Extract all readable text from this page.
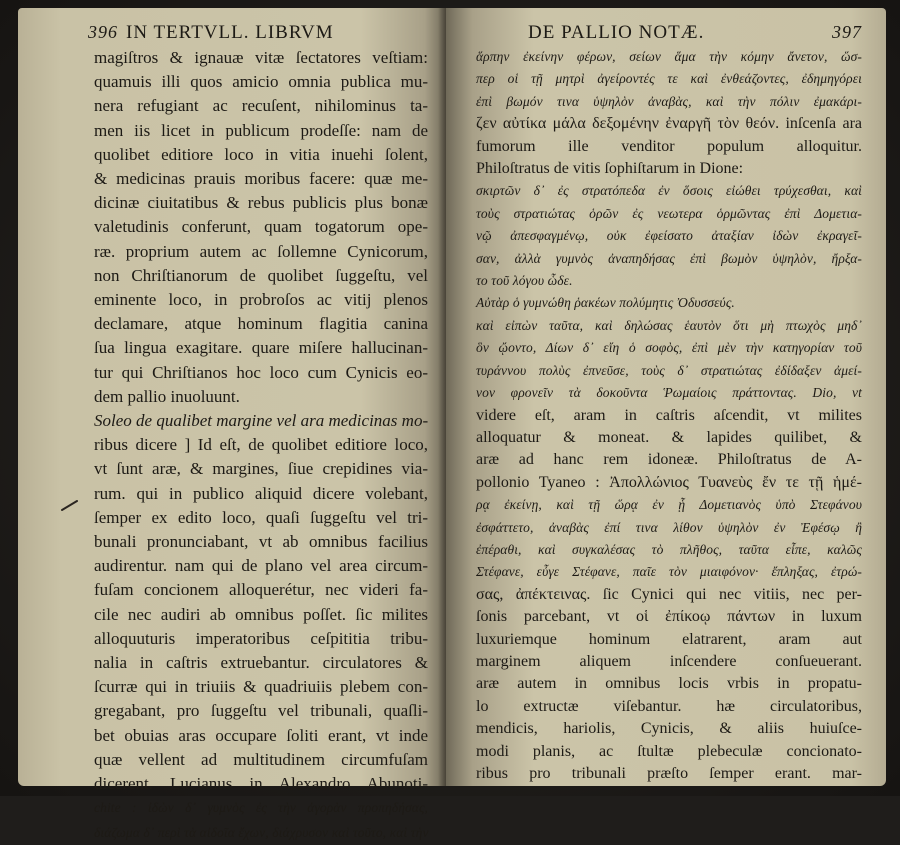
396 IN TERTVLL. LIBRVM
magiſtros & ignauæ vitæ ſectatores veſtiam:
quamuis illi quos amicio omnia publica mu-
nera refugiant ac recuſent, nihilominus ta-
men iis licet in publicum prodeſſe: nam de
quolibet editiore loco in vitia inuehi ſolent,
& medicinas prauis moribus facere: quæ me-
dicinæ ciuitatibus & rebus publicis plus bonæ
valetudinis conferunt, quam togatorum ope-
ræ. proprium autem ac ſollemne Cynicorum,
non Chriſtianorum de quolibet ſuggeſtu, vel
eminente loco, in probroſos ac vitij plenos
declamare, atque hominum flagitia canina
ſua lingua exagitare. quare miſere hallucinan-
tur qui Chriſtianos hoc loco cum Cynicis eo-
dem pallio inuoluunt.
Soleo de qualibet margine vel ara medicinas mo-
ribus dicere ] Id eſt, de quolibet editiore loco,
vt ſunt aræ, & margines, ſiue crepidines via-
rum. qui in publico aliquid dicere volebant,
ſemper ex edito loco, quaſi ſuggeſtu vel tri-
bunali pronunciabant, vt ab omnibus facilius
audirentur. nam qui de plano vel area circum-
fuſam concionem alloquerétur, nec videri fa-
cile nec audiri ab omnibus poſſet. ſic milites
alloquuturis imperatoribus ceſpititia tribu-
nalia in caſtris extruebantur. circulatores &
ſcurræ qui in triuiis & quadriuiis plebem con-
gregabant, pro ſuggeſtu vel tribunali, quaſli-
bet obuias aras occupare ſoliti erant, vt inde
quæ vellent ad multitudinem circumfuſam
dicerent. Lucianus in Alexandro Abunoti-
chite : ἰδὼν δ᾽ γυμνὸς ἐς τὴν ἀγορὰν προπηδήσας,
διάζωμα δ᾽ περὶ τὰ αἰδοῖα ἔχων, διάχρυσον καὶ τοῦτο, καὶ τὴν
DE PALLIO NOTÆ.	397
ἅρπην ἐκείνην φέρων, σείων ἅμα τὴν κόμην ἄνετον, ὥσ-
περ οἱ τῇ μητρὶ ἀγείροντές τε καὶ ἐνθεάζοντες, ἐδημηγόρει
ἐπὶ βωμόν τινα ὑψηλὸν ἀναβὰς, καὶ τὴν πόλιν ἐμακάρι-
ζεν αὐτίκα μάλα δεξομένην ἐναργῆ τὸν θεόν. inſcenſa ara
fumorum ille venditor populum alloquitur.
Philoſtratus de vitis ſophiſtarum in Dione:
σκιρτῶν δ᾽ ἐς στρατόπεδα ἐν ὅσοις εἰώθει τρύχεσθαι, καὶ
τοὺς στρατιώτας ὁρῶν ἐς νεωτερα ὁρμῶντας ἐπὶ Δομετια-
νῷ ἀπεσφαγμένῳ, οὐκ ἐφείσατο ἀταξίαν ἰδὼν ἐκραγεῖ-
σαν, ἀλλὰ γυμνὸς ἀναπηδήσας ἐπὶ βωμὸν ὑψηλὸν, ἤρξα-
το τοῦ λόγου ὧδε.
Αὐτὰρ ὁ γυμνώθη ῥακέων πολύμητις Ὀδυσσεύς.
καὶ εἰπὼν ταῦτα, καὶ δηλώσας ἑαυτὸν ὅτι μὴ πτωχὸς μηδ᾽
ὃν ᾤοντο, Δίων δ᾽ εἴη ὁ σοφὸς, ἐπὶ μὲν τὴν κατηγορίαν τοῦ
τυράννου πολὺς ἐπνεῦσε, τοὺς δ᾽ στρατιώτας ἐδίδαξεν ἀμεί-
νον φρονεῖν τὰ δοκοῦντα Ῥωμαίοις πράττοντας. Dio, vt
videre eſt, aram in caſtris aſcendit, vt milites
alloquatur & moneat. & lapides quilibet, &
aræ ad hanc rem idoneæ. Philoſtratus de A-
pollonio Tyaneo : Ἀπολλώνιος Τυανεὺς ἔν τε τῇ ἡμέ-
ρᾳ ἐκείνῃ, καὶ τῇ ὥρᾳ ἐν ᾗ Δομετιανὸς ὑπὸ Στεφάνου
ἐσφάττετο, ἀναβὰς ἐπί τινα λίθον ὑψηλὸν ἐν Ἐφέσῳ ἢ
ἐπέραθι, καὶ συγκαλέσας τὸ πλῆθος, ταῦτα εἶπε, καλῶς
Στέφανε, εὖγε Στέφανε, παῖε τὸν μιαιφόνον· ἔπληξας, ἐτρώ-
σας, ἀπέκτεινας. ſic Cynici qui nec vitiis, nec per-
ſonis parcebant, vt οἱ ἐπίκοῳ πάντων in luxum
luxuriemque hominum elatrarent, aram aut
marginem aliquem inſcendere conſueuerant.
aræ autem in omnibus locis vrbis in propatu-
lo extructæ viſebantur. hæ circulatoribus,
mendicis, hariolis, Cynicis, & aliis huiuſce-
modi planis, ac ſtultæ plebeculæ concionato-
ribus pro tribunali præſto ſemper erant. mar-
